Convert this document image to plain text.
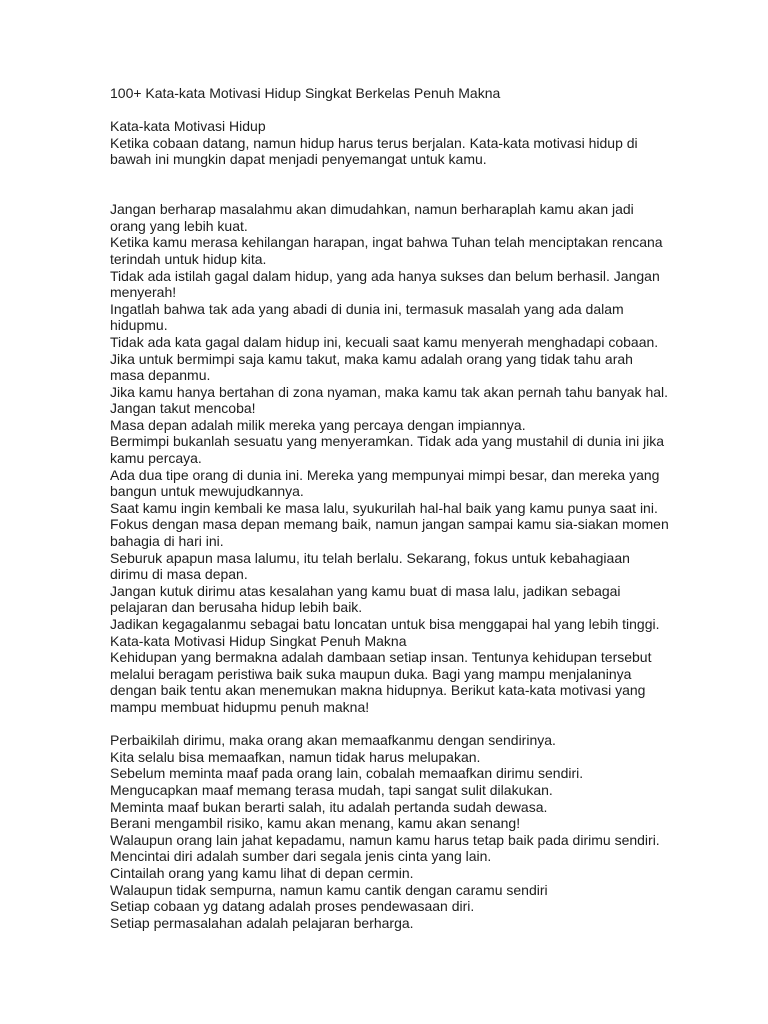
100+ Kata-kata Motivasi Hidup Singkat Berkelas Penuh Makna
Kata-kata Motivasi Hidup
Ketika cobaan datang, namun hidup harus terus berjalan. Kata-kata motivasi hidup di
bawah ini mungkin dapat menjadi penyemangat untuk kamu.
Jangan berharap masalahmu akan dimudahkan, namun berharaplah kamu akan jadi
orang yang lebih kuat.
Ketika kamu merasa kehilangan harapan, ingat bahwa Tuhan telah menciptakan rencana
terindah untuk hidup kita.
Tidak ada istilah gagal dalam hidup, yang ada hanya sukses dan belum berhasil. Jangan
menyerah!
Ingatlah bahwa tak ada yang abadi di dunia ini, termasuk masalah yang ada dalam
hidupmu.
Tidak ada kata gagal dalam hidup ini, kecuali saat kamu menyerah menghadapi cobaan.
Jika untuk bermimpi saja kamu takut, maka kamu adalah orang yang tidak tahu arah
masa depanmu.
Jika kamu hanya bertahan di zona nyaman, maka kamu tak akan pernah tahu banyak hal.
Jangan takut mencoba!
Masa depan adalah milik mereka yang percaya dengan impiannya.
Bermimpi bukanlah sesuatu yang menyeramkan. Tidak ada yang mustahil di dunia ini jika
kamu percaya.
Ada dua tipe orang di dunia ini. Mereka yang mempunyai mimpi besar, dan mereka yang
bangun untuk mewujudkannya.
Saat kamu ingin kembali ke masa lalu, syukurilah hal-hal baik yang kamu punya saat ini.
Fokus dengan masa depan memang baik, namun jangan sampai kamu sia-siakan momen
bahagia di hari ini.
Seburuk apapun masa lalumu, itu telah berlalu. Sekarang, fokus untuk kebahagiaan
dirimu di masa depan.
Jangan kutuk dirimu atas kesalahan yang kamu buat di masa lalu, jadikan sebagai
pelajaran dan berusaha hidup lebih baik.
Jadikan kegagalanmu sebagai batu loncatan untuk bisa menggapai hal yang lebih tinggi.
Kata-kata Motivasi Hidup Singkat Penuh Makna
Kehidupan yang bermakna adalah dambaan setiap insan. Tentunya kehidupan tersebut
melalui beragam peristiwa baik suka maupun duka. Bagi yang mampu menjalaninya
dengan baik tentu akan menemukan makna hidupnya. Berikut kata-kata motivasi yang
mampu membuat hidupmu penuh makna!
Perbaikilah dirimu, maka orang akan memaafkanmu dengan sendirinya.
Kita selalu bisa memaafkan, namun tidak harus melupakan.
Sebelum meminta maaf pada orang lain, cobalah memaafkan dirimu sendiri.
Mengucapkan maaf memang terasa mudah, tapi sangat sulit dilakukan.
Meminta maaf bukan berarti salah, itu adalah pertanda sudah dewasa.
Berani mengambil risiko, kamu akan menang, kamu akan senang!
Walaupun orang lain jahat kepadamu, namun kamu harus tetap baik pada dirimu sendiri.
Mencintai diri adalah sumber dari segala jenis cinta yang lain.
Cintailah orang yang kamu lihat di depan cermin.
Walaupun tidak sempurna, namun kamu cantik dengan caramu sendiri
Setiap cobaan yg datang adalah proses pendewasaan diri.
Setiap permasalahan adalah pelajaran berharga.
